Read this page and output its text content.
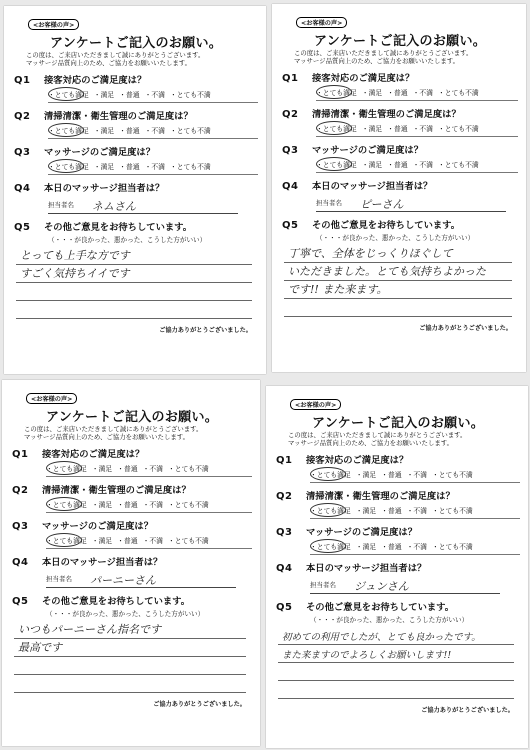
<お客様の声>
アンケートご記入のお願い。
この度は、ご来店いただきまして誠にありがとうございます。
マッサージ品質向上のため、ご協力をお願いいたします。
Q1	接客対応のご満足度は？
・とても満足 ・満足 ・普通 ・不満 ・とても不満
Q2	清掃清潔・衛生管理のご満足度は？
・とても満足 ・満足 ・普通 ・不満 ・とても不満
Q3	マッサージのご満足度は？
・とても満足 ・満足 ・普通 ・不満 ・とても不満
Q4	本日のマッサージ担当者は？
担当者名 ネムさん
Q5	その他ご意見をお待ちしています。
（・・・が良かった、悪かった、こうした方がいい）
とっても上手な方です
すごく気持ちイイです
ご協力ありがとうございました。
<お客様の声>
アンケートご記入のお願い。
この度は、ご来店いただきまして誠にありがとうございます。
マッサージ品質向上のため、ご協力をお願いいたします。
Q1	接客対応のご満足度は？
・とても満足 ・満足 ・普通 ・不満 ・とても不満
Q2	清掃清潔・衛生管理のご満足度は？
・とても満足 ・満足 ・普通 ・不満 ・とても不満
Q3	マッサージのご満足度は？
・とても満足 ・満足 ・普通 ・不満 ・とても不満
Q4	本日のマッサージ担当者は？
担当者名 ピーさん
Q5	その他ご意見をお待ちしています。
（・・・が良かった、悪かった、こうした方がいい）
丁寧で、全体をじっくりほぐして
いただきました。とても気持ちよかった
です!! また来ます。
ご協力ありがとうございました。
<お客様の声>
アンケートご記入のお願い。
この度は、ご来店いただきまして誠にありがとうございます。
マッサージ品質向上のため、ご協力をお願いいたします。
Q1	接客対応のご満足度は？
・とても満足 ・満足 ・普通 ・不満 ・とても不満
Q2	清掃清潔・衛生管理のご満足度は？
・とても満足 ・満足 ・普通 ・不満 ・とても不満
Q3	マッサージのご満足度は？
・とても満足 ・満足 ・普通 ・不満 ・とても不満
Q4	本日のマッサージ担当者は？
担当者名 パーニーさん
Q5	その他ご意見をお待ちしています。
（・・・が良かった、悪かった、こうした方がいい）
いつもパーニーさん指名です
最高です
ご協力ありがとうございました。
<お客様の声>
アンケートご記入のお願い。
この度は、ご来店いただきまして誠にありがとうございます。
マッサージ品質向上のため、ご協力をお願いいたします。
Q1	接客対応のご満足度は？
・とても満足 ・満足 ・普通 ・不満 ・とても不満
Q2	清掃清潔・衛生管理のご満足度は？
・とても満足 ・満足 ・普通 ・不満 ・とても不満
Q3	マッサージのご満足度は？
・とても満足 ・満足 ・普通 ・不満 ・とても不満
Q4	本日のマッサージ担当者は？
担当者名 ジュンさん
Q5	その他ご意見をお待ちしています。
（・・・が良かった、悪かった、こうした方がいい）
初めての利用でしたが、とても良かったです。
また来ますのでよろしくお願いします!!
ご協力ありがとうございました。
